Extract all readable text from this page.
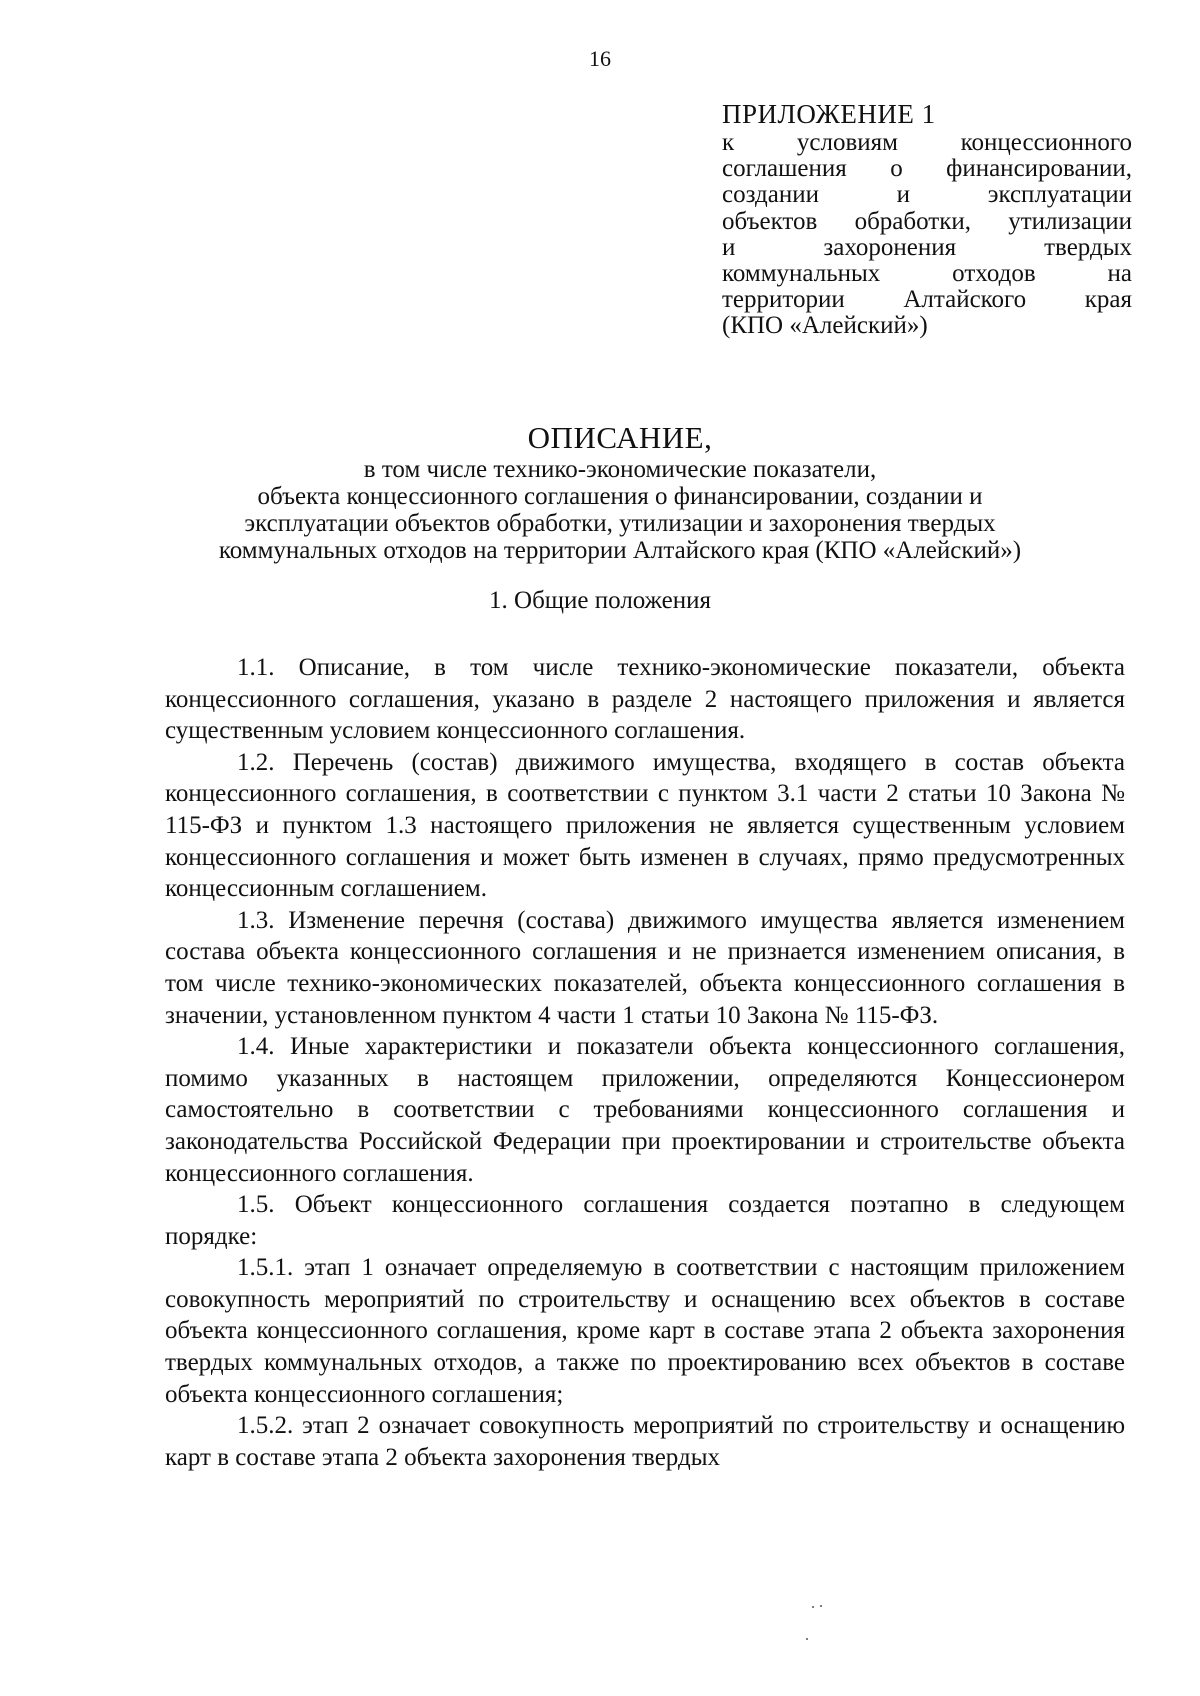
16
ПРИЛОЖЕНИЕ 1
к условиям концессионного
соглашения о финансировании,
создании и эксплуатации
объектов обработки, утилизации
и захоронения твердых
коммунальных отходов на
территории Алтайского края
(КПО «Алейский»)
ОПИСАНИЕ,
в том числе технико-экономические показатели,
объекта концессионного соглашения о финансировании, создании и
эксплуатации объектов обработки, утилизации и захоронения твердых
коммунальных отходов на территории Алтайского края (КПО «Алейский»)
1. Общие положения
1.1. Описание, в том числе технико-экономические показатели, объекта концессионного соглашения, указано в разделе 2 настоящего приложения и является существенным условием концессионного соглашения.
1.2. Перечень (состав) движимого имущества, входящего в состав объекта концессионного соглашения, в соответствии с пунктом 3.1 части 2 статьи 10 Закона № 115-ФЗ и пунктом 1.3 настоящего приложения не является существенным условием концессионного соглашения и может быть изменен в случаях, прямо предусмотренных концессионным соглашением.
1.3. Изменение перечня (состава) движимого имущества является изменением состава объекта концессионного соглашения и не признается изменением описания, в том числе технико-экономических показателей, объекта концессионного соглашения в значении, установленном пунктом 4 части 1 статьи 10 Закона № 115-ФЗ.
1.4. Иные характеристики и показатели объекта концессионного соглашения, помимо указанных в настоящем приложении, определяются Концессионером самостоятельно в соответствии с требованиями концессионного соглашения и законодательства Российской Федерации при проектировании и строительстве объекта концессионного соглашения.
1.5. Объект концессионного соглашения создается поэтапно в следующем порядке:
1.5.1. этап 1 означает определяемую в соответствии с настоящим приложением совокупность мероприятий по строительству и оснащению всех объектов в составе объекта концессионного соглашения, кроме карт в составе этапа 2 объекта захоронения твердых коммунальных отходов, а также по проектированию всех объектов в составе объекта концессионного соглашения;
1.5.2. этап 2 означает совокупность мероприятий по строительству и оснащению карт в составе этапа 2 объекта захоронения твердых
